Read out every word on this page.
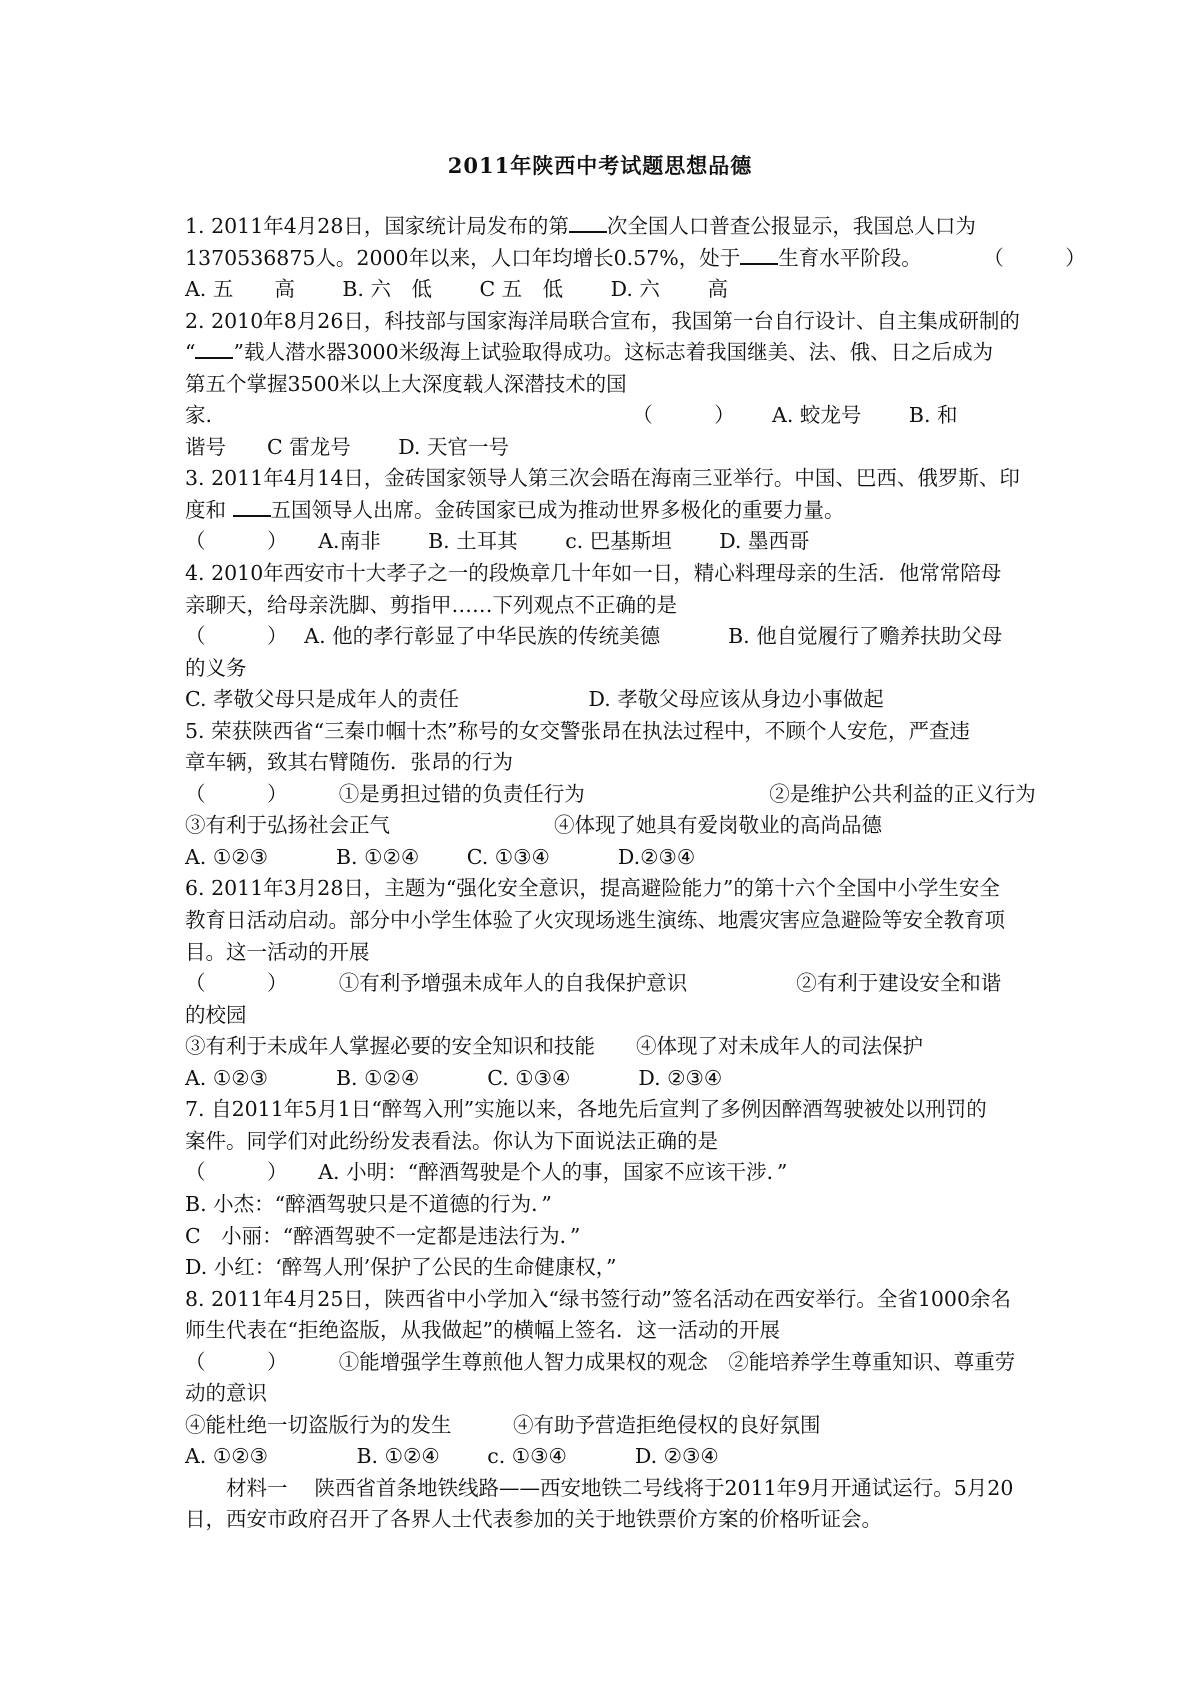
2011年陕西中考试题思想品德
1. 2011年4月28日，国家统计局发布的第 次全国人口普查公报显示，我国总人口为
1370536875人。2000年以来，人口年均增长0.57%，处于 生育水平阶段。　　　　（　　　）
A. 五　　高　　 B. 六　低　　 C 五　低　　 D. 六　　 高
2. 2010年8月26日，科技部与国家海洋局联合宣布，我国第一台自行设计、自主集成研制的
“ ”载人潜水器3000米级海上试验取得成功。这标志着我国继美、法、俄、日之后成为
第五个掌握3500米以上大深度载人深潜技术的国
家.　　　　　　　　　　　　　　　　　　　　　（　　　）　　 A. 蛟龙号　　 B. 和
谐号　　C 雷龙号　　 D. 天官一号
3. 2011年4月14日，金砖国家领导人第三次会晤在海南三亚举行。中国、巴西、俄罗斯、印
度和 五国领导人出席。金砖国家已成为推动世界多极化的重要力量。
（　　　）　　A.南非　　 B. 土耳其　　 c. 巴基斯坦　　 D. 墨西哥
4. 2010年西安市十大孝子之一的段焕章几十年如一日，精心料理母亲的生活．他常常陪母
亲聊天，给母亲洗脚、剪指甲……下列观点不正确的是
（　　　）　 A. 他的孝行彰显了中华民族的传统美德　　　 B. 他自觉履行了赡养扶助父母
的义务
C. 孝敬父母只是成年人的责任　　　　　　 D. 孝敬父母应该从身边小事做起
5. 荣获陕西省“三秦巾帼十杰”称号的女交警张昂在执法过程中，不顾个人安危，严查违
章车辆，致其右臂随伤．张昂的行为
（　　　）　　　①是勇担过错的负责任行为　　　　　　　　　②是维护公共利益的正义行为
③有利于弘扬社会正气　　　　　　　　④体现了她具有爱岗敬业的高尚品德
A. ①②③　　　 B. ①②④　　 C. ①③④　　　 D.②③④
6. 2011年3月28日，主题为“强化安全意识，提高避险能力”的第十六个全国中小学生安全
教育日活动启动。部分中小学生体验了火灾现场逃生演练、地震灾害应急避险等安全教育项
目。这一活动的开展
（　　　）　　　①有利予增强未成年人的自我保护意识　　　　　 ②有利于建设安全和谐
的校园
③有利于未成年人掌握必要的安全知识和技能　　④体现了对未成年人的司法保护
A. ①②③　　　 B. ①②④　　　 C. ①③④　　　 D. ②③④
7. 自2011年5月1日“醉驾入刑”实施以来，各地先后宣判了多例因醉酒驾驶被处以刑罚的
案件。同学们对此纷纷发表看法。你认为下面说法正确的是
（　　　）　　A. 小明：“醉酒驾驶是个人的事，国家不应该干涉．”
B. 小杰：“醉酒驾驶只是不道德的行为．”
C　小丽：“醉酒驾驶不一定都是违法行为．”
D. 小红：‘醉驾人刑’保护了公民的生命健康权，”
8. 2011年4月25日，陕西省中小学加入“绿书签行动”签名活动在西安举行。全省1000余名
师生代表在“拒绝盗版，从我做起”的横幅上签名．这一活动的开展
（　　　）　　　①能增强学生尊煎他人智力成果权的观念　②能培养学生尊重知识、尊重劳
动的意识
④能杜绝一切盗版行为的发生　　　④有助予营造拒绝侵权的良好氛围
A. ①②③　　　　 B. ①②④　　 c. ①③④　　　 D. ②③④
　　材料一　 陕西省首条地铁线路——西安地铁二号线将于2011年9月开通试运行。5月20
日，西安市政府召开了各界人士代表参加的关于地铁票价方案的价格听证会。
